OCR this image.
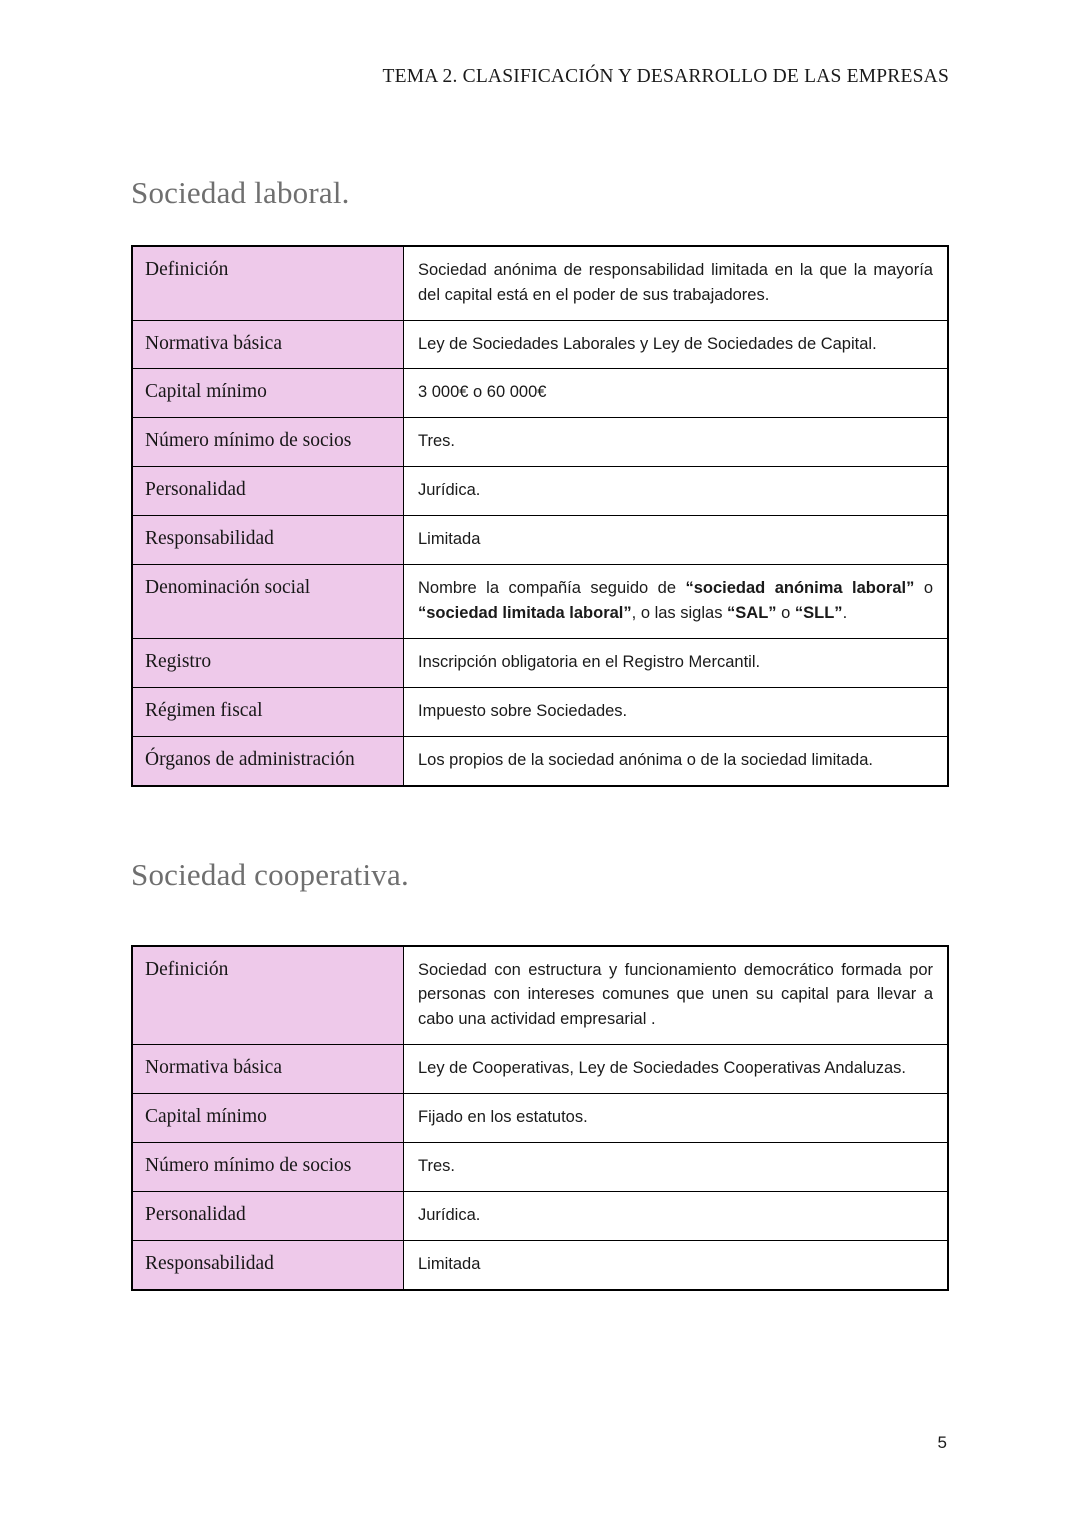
TEMA 2. CLASIFICACIÓN Y DESARROLLO DE LAS EMPRESAS
Sociedad laboral.
Definición	Sociedad anónima de responsabilidad limitada en la que la mayoría del capital está en el poder de sus trabajadores.
Normativa básica	Ley de Sociedades Laborales y Ley de Sociedades de Capital.
Capital mínimo	3 000€ o 60 000€
Número mínimo de socios	Tres.
Personalidad	Jurídica.
Responsabilidad	Limitada
Denominación social	Nombre la compañía seguido de “sociedad anónima laboral” o “sociedad limitada laboral”, o las siglas “SAL” o “SLL”.
Registro	Inscripción obligatoria en el Registro Mercantil.
Régimen fiscal	Impuesto sobre Sociedades.
Órganos de administración	Los propios de la sociedad anónima o de la sociedad limitada.
Sociedad cooperativa.
Definición	Sociedad con estructura y funcionamiento democrático formada por personas con intereses comunes que unen su capital para llevar a cabo una actividad empresarial .
Normativa básica	Ley de Cooperativas, Ley de Sociedades Cooperativas Andaluzas.
Capital mínimo	Fijado en los estatutos.
Número mínimo de socios	Tres.
Personalidad	Jurídica.
Responsabilidad	Limitada
5
